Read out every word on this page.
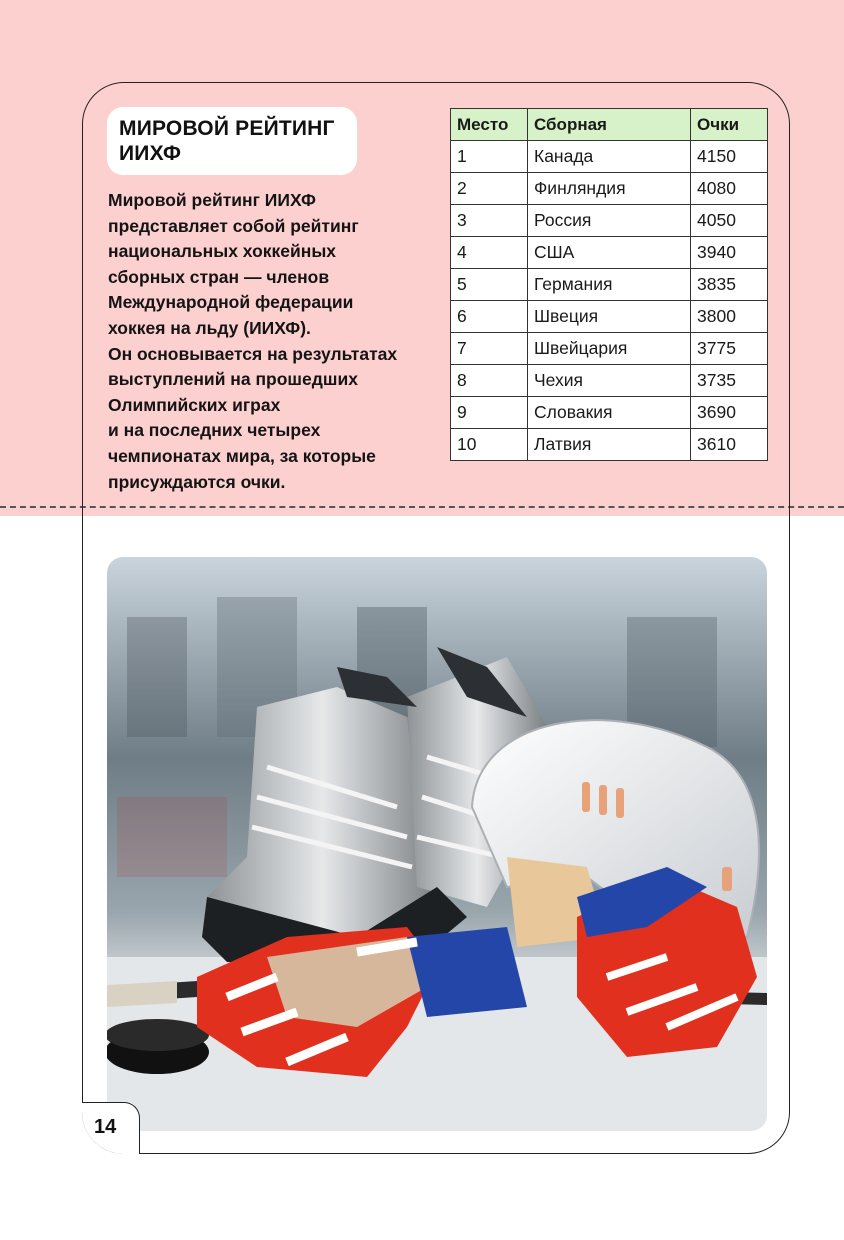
МИРОВОЙ РЕЙТИНГ
ИИХФ
Мировой рейтинг ИИХФ
представляет собой рейтинг
национальных хоккейных
сборных стран — членов
Международной федерации
хоккея на льду (ИИХФ).
Он основывается на результатах
выступлений на прошедших
Олимпийских играх
и на последних четырех
чемпионатах мира, за которые
присуждаются очки.
Место	Сборная	Очки
1	Канада	4150
2	Финляндия	4080
3	Россия	4050
4	США	3940
5	Германия	3835
6	Швеция	3800
7	Швейцария	3775
8	Чехия	3735
9	Словакия	3690
10	Латвия	3610
14
